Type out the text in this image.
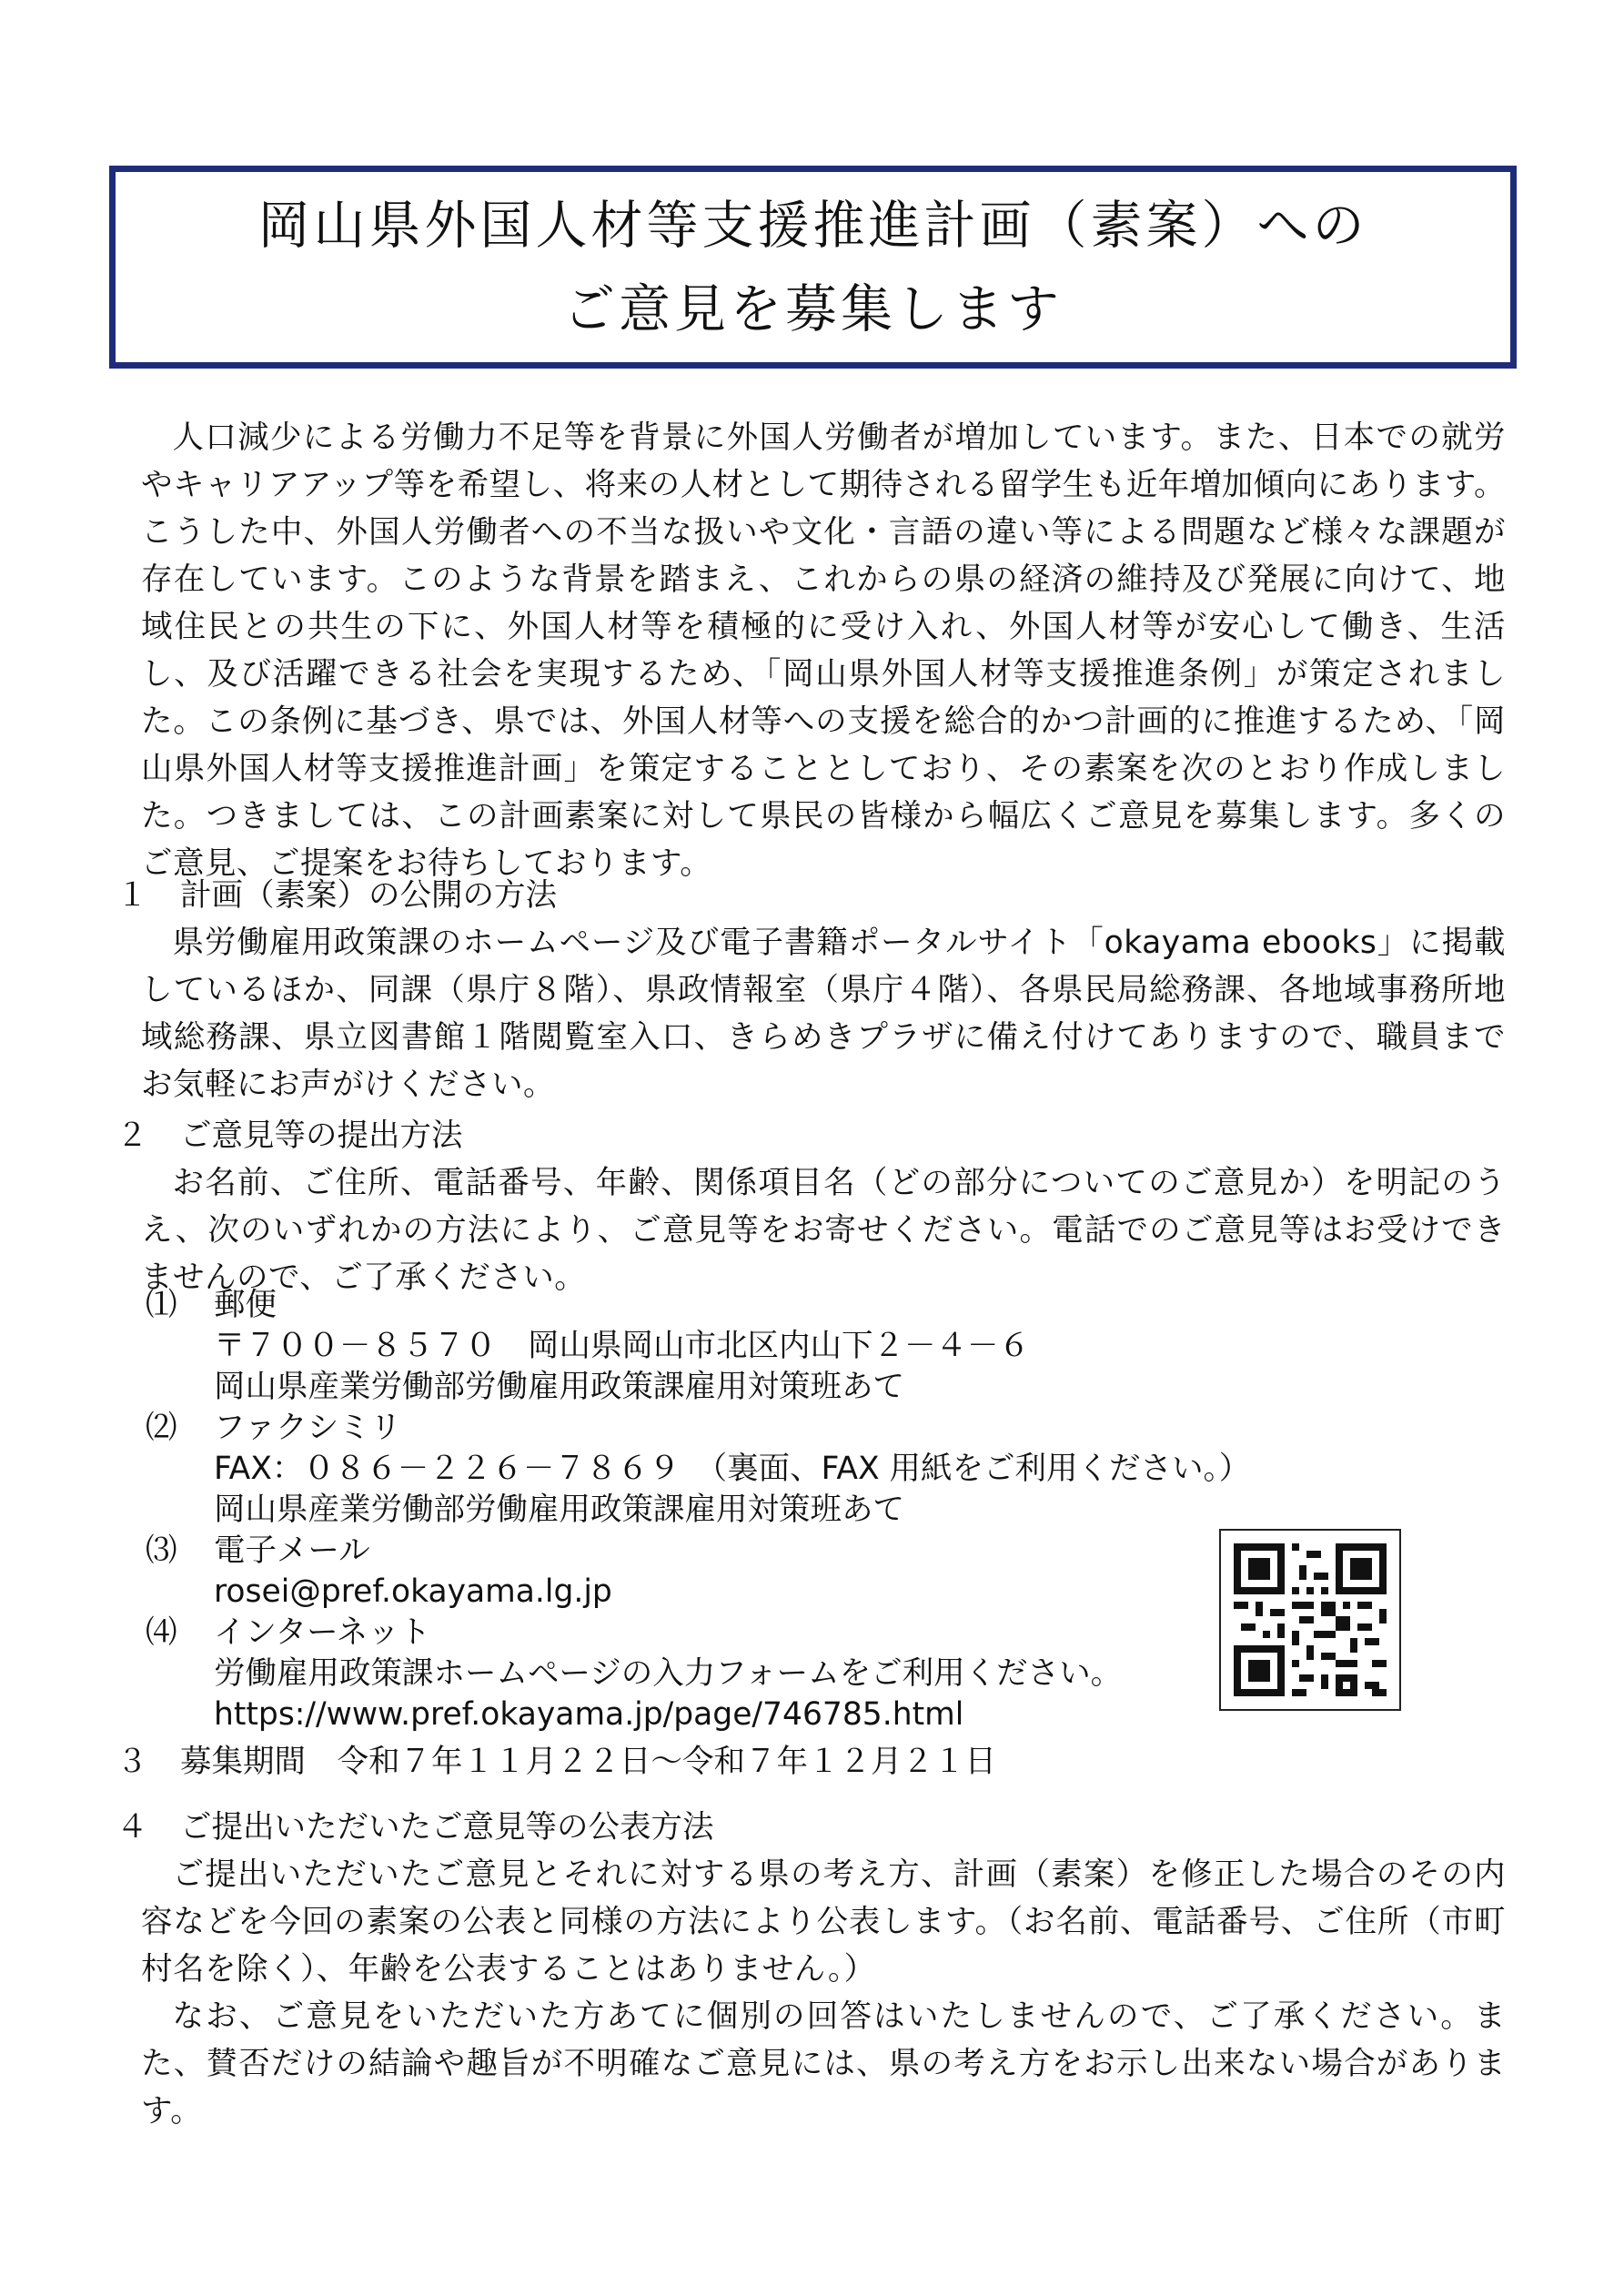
岡山県外国人材等支援推進計画（素案）への
ご意見を募集します

人口減少による労働力不足等を背景に外国人労働者が増加しています。また、日本での就労やキャリアアップ等を希望し、将来の人材として期待される留学生も近年増加傾向にあります。こうした中、外国人労働者への不当な扱いや文化・言語の違い等による問題など様々な課題が存在しています。このような背景を踏まえ、これからの県の経済の維持及び発展に向けて、地域住民との共生の下に、外国人材等を積極的に受け入れ、外国人材等が安心して働き、生活し、及び活躍できる社会を実現するため、「岡山県外国人材等支援推進条例」が策定されました。この条例に基づき、県では、外国人材等への支援を総合的かつ計画的に推進するため、「岡山県外国人材等支援推進計画」を策定することとしており、その素案を次のとおり作成しました。つきましては、この計画素案に対して県民の皆様から幅広くご意見を募集します。多くのご意見、ご提案をお待ちしております。

１ 計画（素案）の公開の方法

県労働雇用政策課のホームページ及び電子書籍ポータルサイト「okayama ebooks」に掲載しているほか、同課（県庁８階）、県政情報室（県庁４階）、各県民局総務課、各地域事務所地域総務課、県立図書館１階閲覧室入口、きらめきプラザに備え付けてありますので、職員までお気軽にお声がけください。

２ ご意見等の提出方法

お名前、ご住所、電話番号、年齢、関係項目名（どの部分についてのご意見か）を明記のうえ、次のいずれかの方法により、ご意見等をお寄せください。電話でのご意見等はお受けできませんので、ご了承ください。

⑴ 郵便
〒７００－８５７０　岡山県岡山市北区内山下２－４－６
岡山県産業労働部労働雇用政策課雇用対策班あて
⑵ ファクシミリ
FAX：０８６－２２６－７８６９　（裏面、FAX 用紙をご利用ください。）
岡山県産業労働部労働雇用政策課雇用対策班あて
⑶ 電子メール
rosei@pref.okayama.lg.jp
⑷ インターネット
労働雇用政策課ホームページの入力フォームをご利用ください。
https://www.pref.okayama.jp/page/746785.html
３ 募集期間　令和７年１１月２２日～令和７年１２月２１日
４ ご提出いただいたご意見等の公表方法

ご提出いただいたご意見とそれに対する県の考え方、計画（素案）を修正した場合のその内容などを今回の素案の公表と同様の方法により公表します。（お名前、電話番号、ご住所（市町村名を除く）、年齢を公表することはありません。）

なお、ご意見をいただいた方あてに個別の回答はいたしませんので、ご了承ください。また、賛否だけの結論や趣旨が不明確なご意見には、県の考え方をお示し出来ない場合があります。
